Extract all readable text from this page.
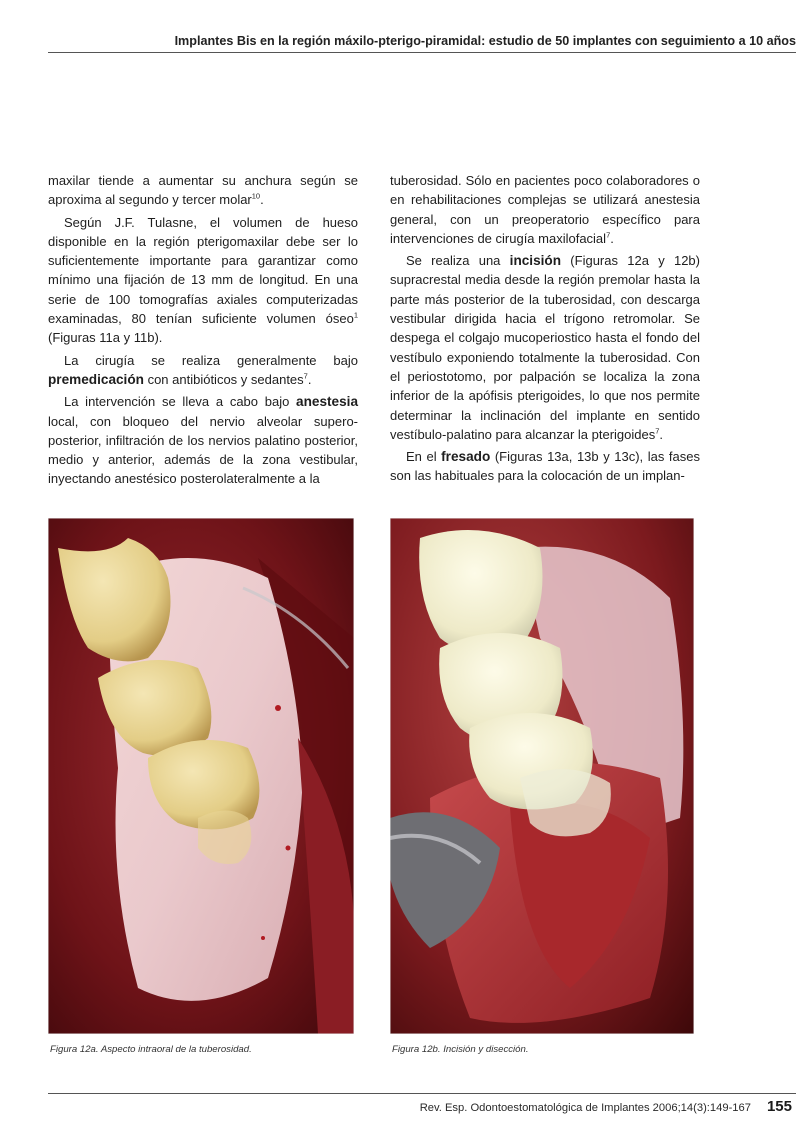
Implantes Bis en la región máxilo-pterigo-piramidal: estudio de 50 implantes con seguimiento a 10 años

maxilar tiende a aumentar su anchura según se aproxima al segundo y tercer molar$^{10}$.

Según J.F. Tulasne, el volumen de hueso disponible en la región pterigomaxilar debe ser lo suficientemente importante para garantizar como mínimo una fijación de 13 mm de longitud. En una serie de 100 tomografías axiales computerizadas examinadas, 80 tenían suficiente volumen óseo$^1$ (Figuras 11a y 11b).

La cirugía se realiza generalmente bajo premedicación con antibióticos y sedantes$^7$.

La intervención se lleva a cabo bajo anestesia local, con bloqueo del nervio alveolar supero-posterior, infiltración de los nervios palatino posterior, medio y anterior, además de la zona vestibular, inyectando anestésico posterolateralmente a la

tuberosidad. Sólo en pacientes poco colaboradores o en rehabilitaciones complejas se utilizará anestesia general, con un preoperatorio específico para intervenciones de cirugía maxilofacial$^7$.

Se realiza una incisión (Figuras 12a y 12b) supracrestal media desde la región premolar hasta la parte más posterior de la tuberosidad, con descarga vestibular dirigida hacia el trígono retromolar. Se despega el colgajo mucoperiostico hasta el fondo del vestíbulo exponiendo totalmente la tuberosidad. Con el periostotomo, por palpación se localiza la zona inferior de la apófisis pterigoides, lo que nos permite determinar la inclinación del implante en sentido vestíbulo-palatino para alcanzar la pterigoides$^7$.

En el fresado (Figuras 13a, 13b y 13c), las fases son las habituales para la colocación de un implan-

Figura 12a. Aspecto intraoral de la tuberosidad.	Figura 12b. Incisión y disección.
Rev. Esp. Odontoestomatológica de Implantes 2006;14(3):149-167 155
